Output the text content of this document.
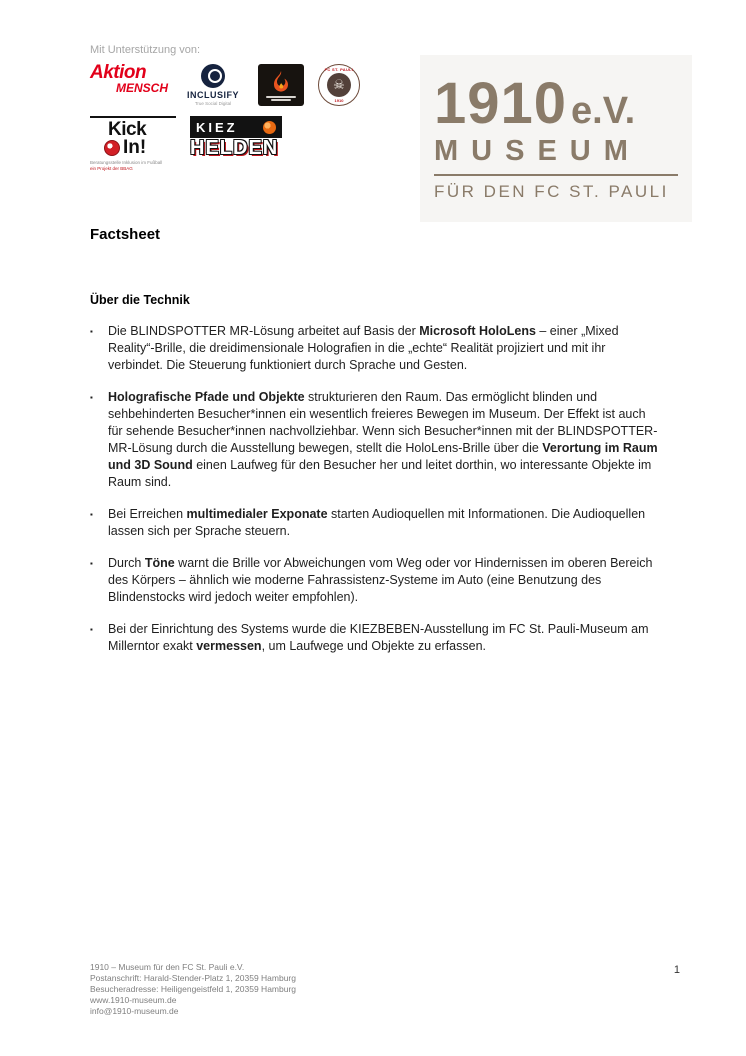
Mit Unterstützung von:
Aktion
MENSCH	INCLUSIFY
True Social Digital
FC ST. PAULI
☠
1910
Kick
In!
Beratungsstelle Inklusion im Fußball
ein Projekt der BBAG
KIEZ
HELDEN
1910 e.V.
MUSEUM
FÜR DEN FC ST. PAULI
Factsheet
Über die Technik
▪	Die BLINDSPOTTER MR-Lösung arbeitet auf Basis der Microsoft HoloLens – einer „Mixed Reality“-Brille, die dreidimensionale Holografien in die „echte“ Realität projiziert und mit ihr verbindet. Die Steuerung funktioniert durch Sprache und Gesten.
▪	Holografische Pfade und Objekte strukturieren den Raum. Das ermöglicht blinden und sehbehinderten Besucher*innen ein wesentlich freieres Bewegen im Museum. Der Effekt ist auch für sehende Besucher*innen nachvollziehbar. Wenn sich Besucher*innen mit der BLINDSPOTTER-MR-Lösung durch die Ausstellung bewegen, stellt die HoloLens-Brille über die Verortung im Raum und 3D Sound einen Laufweg für den Besucher her und leitet dorthin, wo interessante Objekte im Raum sind.
▪	Bei Erreichen multimedialer Exponate starten Audioquellen mit Informationen. Die Audioquellen lassen sich per Sprache steuern.
▪	Durch Töne warnt die Brille vor Abweichungen vom Weg oder vor Hindernissen im oberen Bereich des Körpers – ähnlich wie moderne Fahrassistenz-Systeme im Auto (eine Benutzung des Blindenstocks wird jedoch weiter empfohlen).
▪	Bei der Einrichtung des Systems wurde die KIEZBEBEN-Ausstellung im FC St. Pauli-Museum am Millerntor exakt vermessen, um Laufwege und Objekte zu erfassen.
1910 – Museum für den FC St. Pauli e.V.
Postanschrift: Harald-Stender-Platz 1, 20359 Hamburg
Besucheradresse: Heiligengeistfeld 1, 20359 Hamburg
www.1910-museum.de
info@1910-museum.de
1
